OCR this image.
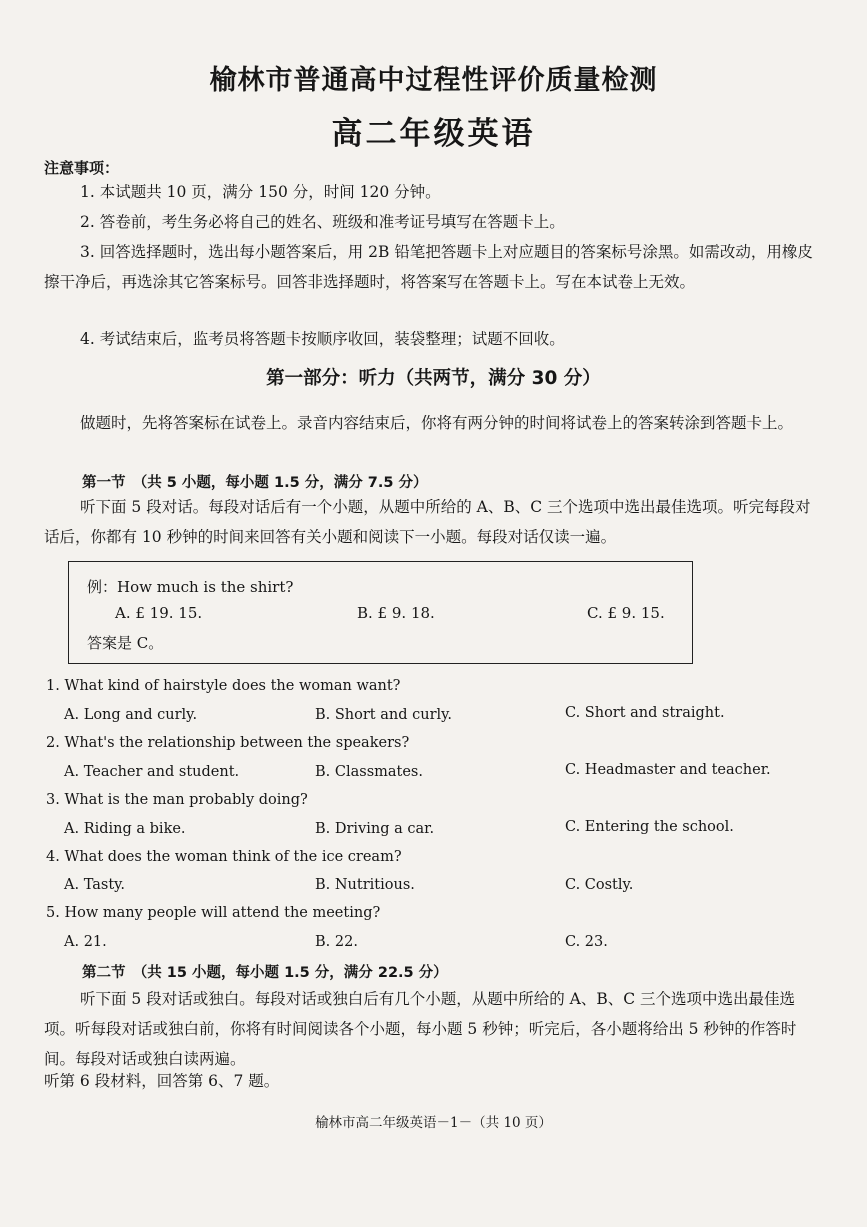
榆林市普通高中过程性评价质量检测
高二年级英语
注意事项：
1. 本试题共 10 页，满分 150 分，时间 120 分钟。
2. 答卷前，考生务必将自己的姓名、班级和准考证号填写在答题卡上。
3. 回答选择题时，选出每小题答案后，用 2B 铅笔把答题卡上对应题目的答案标号涂黑。如需改动，用橡皮擦干净后，再选涂其它答案标号。回答非选择题时，将答案写在答题卡上。写在本试卷上无效。
4. 考试结束后，监考员将答题卡按顺序收回，装袋整理；试题不回收。
第一部分：听力（共两节，满分 30 分）
做题时，先将答案标在试卷上。录音内容结束后，你将有两分钟的时间将试卷上的答案转涂到答题卡上。
第一节　（共 5 小题，每小题 1.5 分，满分 7.5 分）
听下面 5 段对话。每段对话后有一个小题，从题中所给的 A、B、C 三个选项中选出最佳选项。听完每段对话后，你都有 10 秒钟的时间来回答有关小题和阅读下一小题。每段对话仅读一遍。
例：How much is the shirt?
A. £ 19. 15.	B. £ 9. 18.	C. £ 9. 15.
答案是 C。
1. What kind of hairstyle does the woman want?
A. Long and curly.	B. Short and curly.	C. Short and straight.
2. What's the relationship between the speakers?
A. Teacher and student.	B. Classmates.	C. Headmaster and teacher.
3. What is the man probably doing?
A. Riding a bike.	B. Driving a car.	C. Entering the school.
4. What does the woman think of the ice cream?
A. Tasty.	B. Nutritious.	C. Costly.
5. How many people will attend the meeting?
A. 21.	B. 22.	C. 23.
第二节　（共 15 小题，每小题 1.5 分，满分 22.5 分）
听下面 5 段对话或独白。每段对话或独白后有几个小题，从题中所给的 A、B、C 三个选项中选出最佳选项。听每段对话或独白前，你将有时间阅读各个小题，每小题 5 秒钟；听完后，各小题将给出 5 秒钟的作答时间。每段对话或独白读两遍。
听第 6 段材料，回答第 6、7 题。
榆林市高二年级英语－1－（共 10 页）
